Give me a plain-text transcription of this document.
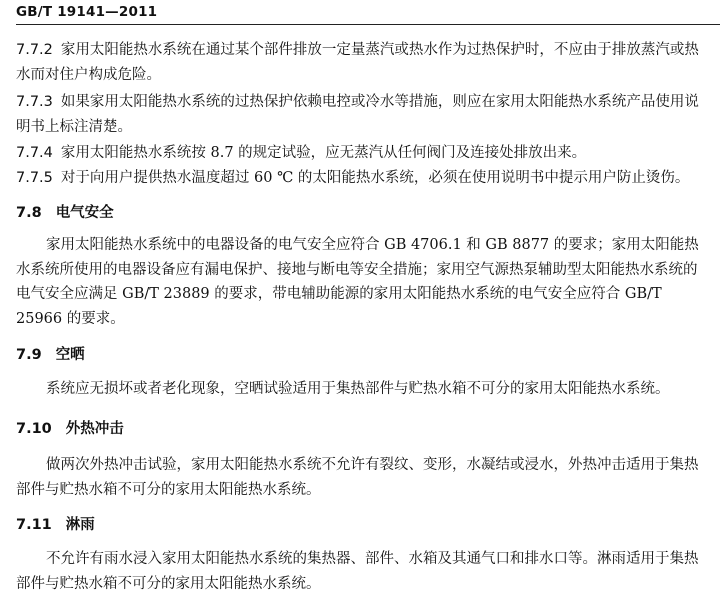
GB/T 19141—2011

7.7.2 家用太阳能热水系统在通过某个部件排放一定量蒸汽或热水作为过热保护时，不应由于排放蒸汽或热水而对住户构成危险。

7.7.3 如果家用太阳能热水系统的过热保护依赖电控或冷水等措施，则应在家用太阳能热水系统产品使用说明书上标注清楚。

7.7.4 家用太阳能热水系统按 8.7 的规定试验，应无蒸汽从任何阀门及连接处排放出来。

7.7.5 对于向用户提供热水温度超过 60 ℃ 的太阳能热水系统，必须在使用说明书中提示用户防止烫伤。

7.8 电气安全

家用太阳能热水系统中的电器设备的电气安全应符合 GB 4706.1 和 GB 8877 的要求；家用太阳能热水系统所使用的电器设备应有漏电保护、接地与断电等安全措施；家用空气源热泵辅助型太阳能热水系统的电气安全应满足 GB/T 23889 的要求，带电辅助能源的家用太阳能热水系统的电气安全应符合 GB/T 25966 的要求。

7.9 空晒

系统应无损坏或者老化现象，空晒试验适用于集热部件与贮热水箱不可分的家用太阳能热水系统。

7.10 外热冲击

做两次外热冲击试验，家用太阳能热水系统不允许有裂纹、变形，水凝结或浸水，外热冲击适用于集热部件与贮热水箱不可分的家用太阳能热水系统。

7.11 淋雨

不允许有雨水浸入家用太阳能热水系统的集热器、部件、水箱及其通气口和排水口等。淋雨适用于集热部件与贮热水箱不可分的家用太阳能热水系统。
